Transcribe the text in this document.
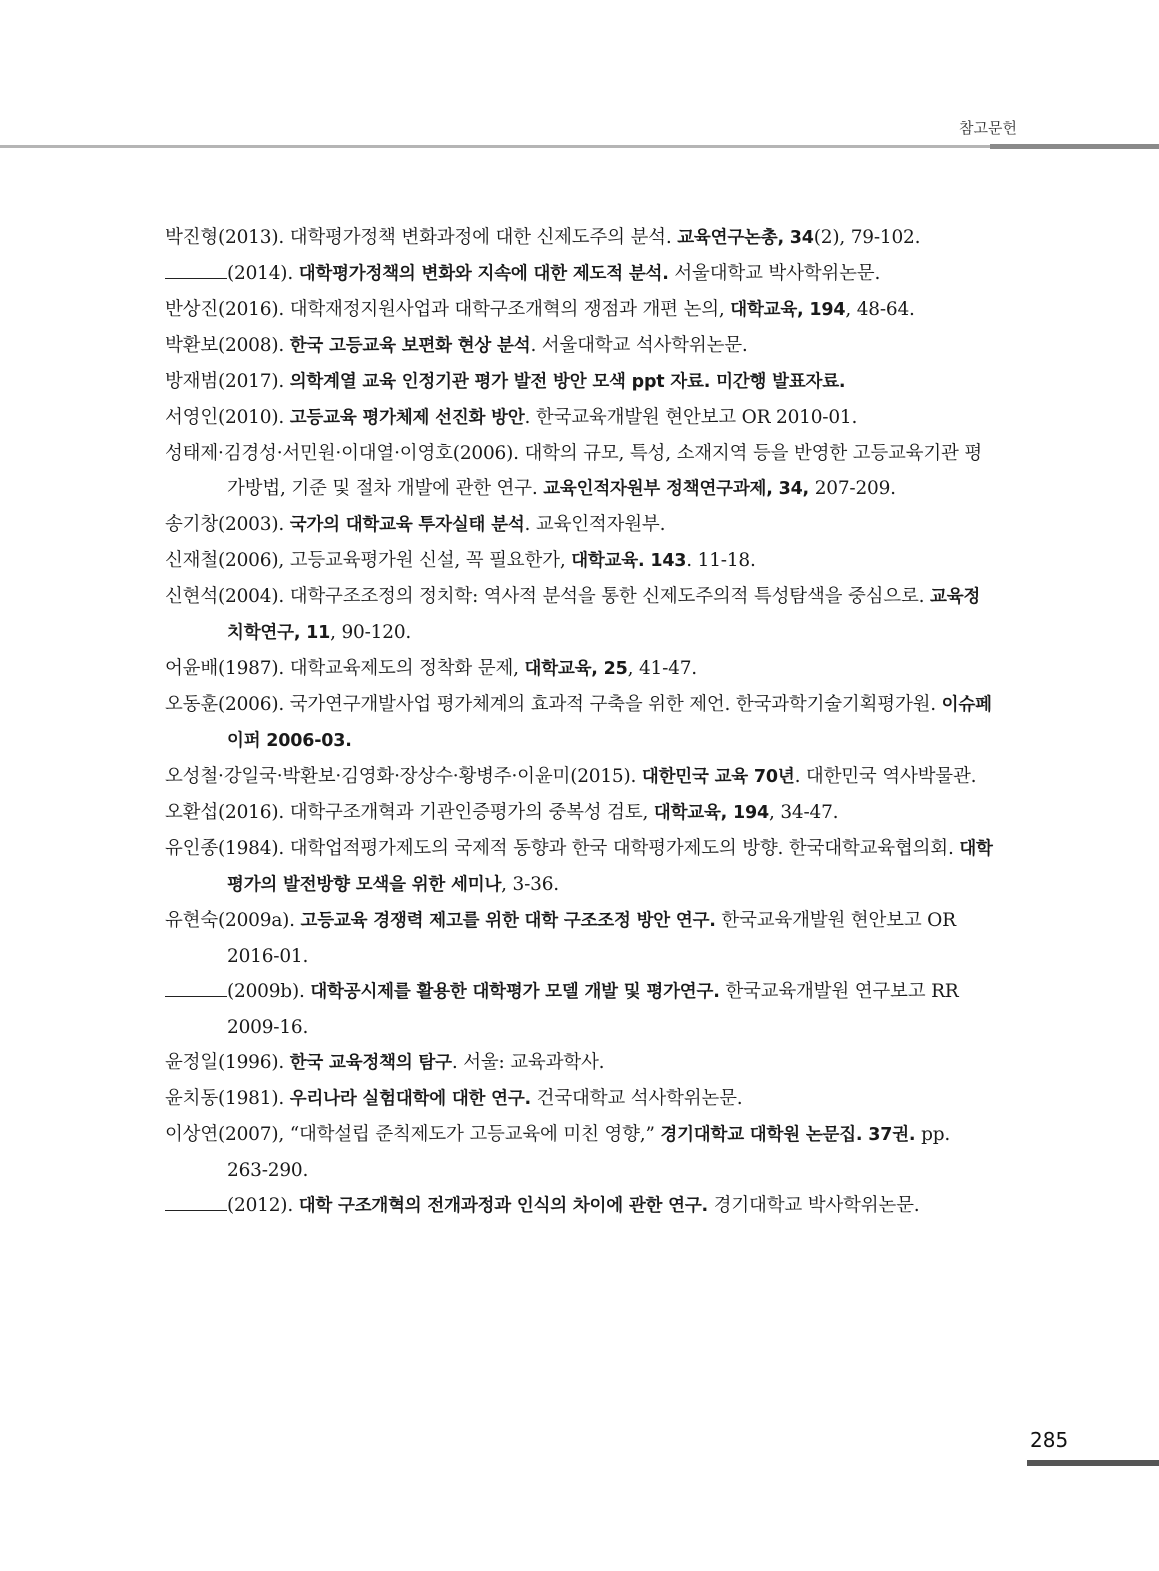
참고문헌

박진형(2013). 대학평가정책 변화과정에 대한 신제도주의 분석. 교육연구논총, 34(2), 79-102.
(2014). 대학평가정책의 변화와 지속에 대한 제도적 분석. 서울대학교 박사학위논문.
반상진(2016). 대학재정지원사업과 대학구조개혁의 쟁점과 개편 논의, 대학교육, 194, 48-64.
박환보(2008). 한국 고등교육 보편화 현상 분석. 서울대학교 석사학위논문.
방재범(2017). 의학계열 교육 인정기관 평가 발전 방안 모색 ppt 자료. 미간행 발표자료.
서영인(2010). 고등교육 평가체제 선진화 방안. 한국교육개발원 현안보고 OR 2010-01.
성태제·김경성·서민원·이대열·이영호(2006). 대학의 규모, 특성, 소재지역 등을 반영한 고등교육기관 평가방법, 기준 및 절차 개발에 관한 연구. 교육인적자원부 정책연구과제, 34, 207-209.
송기창(2003). 국가의 대학교육 투자실태 분석. 교육인적자원부.
신재철(2006), 고등교육평가원 신설, 꼭 필요한가, 대학교육. 143. 11-18.
신현석(2004). 대학구조조정의 정치학: 역사적 분석을 통한 신제도주의적 특성탐색을 중심으로. 교육정치학연구, 11, 90-120.
어윤배(1987). 대학교육제도의 정착화 문제, 대학교육, 25, 41-47.
오동훈(2006). 국가연구개발사업 평가체계의 효과적 구축을 위한 제언. 한국과학기술기획평가원. 이슈페이퍼 2006-03.
오성철·강일국·박환보·김영화·장상수·황병주·이윤미(2015). 대한민국 교육 70년. 대한민국 역사박물관.
오환섭(2016). 대학구조개혁과 기관인증평가의 중복성 검토, 대학교육, 194, 34-47.
유인종(1984). 대학업적평가제도의 국제적 동향과 한국 대학평가제도의 방향. 한국대학교육협의회. 대학평가의 발전방향 모색을 위한 세미나, 3-36.
유현숙(2009a). 고등교육 경쟁력 제고를 위한 대학 구조조정 방안 연구. 한국교육개발원 현안보고 OR 2016-01.
(2009b). 대학공시제를 활용한 대학평가 모델 개발 및 평가연구. 한국교육개발원 연구보고 RR 2009-16.
윤정일(1996). 한국 교육정책의 탐구. 서울: 교육과학사.
윤치동(1981). 우리나라 실험대학에 대한 연구. 건국대학교 석사학위논문.
이상연(2007), “대학설립 준칙제도가 고등교육에 미친 영향,” 경기대학교 대학원 논문집. 37권. pp. 263-290.
(2012). 대학 구조개혁의 전개과정과 인식의 차이에 관한 연구. 경기대학교 박사학위논문.

285
